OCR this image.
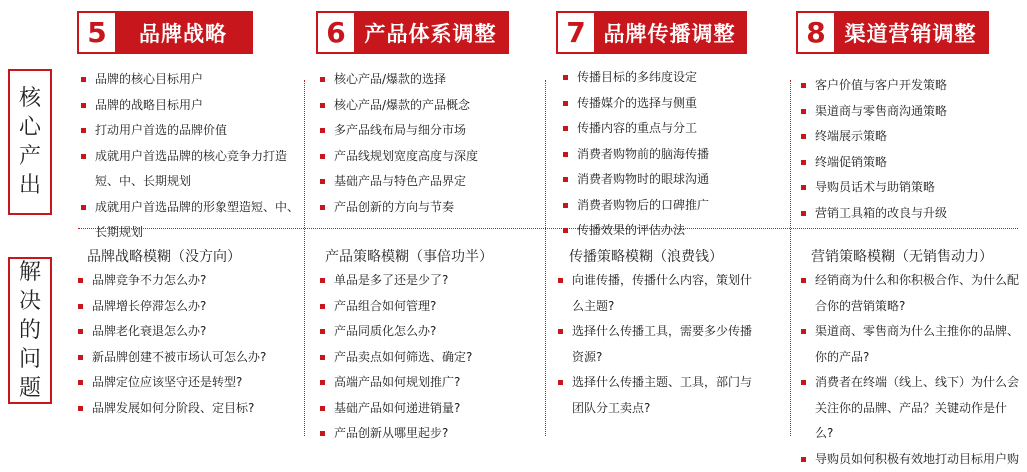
核
心
产
出
解
决
的
问
题
5	品牌战略
品牌的核心目标用户
品牌的战略目标用户
打动用户首选的品牌价值
成就用户首选品牌的核心竞争力打造短、中、长期规划
成就用户首选品牌的形象塑造短、中、长期规划
品牌战略模糊（没方向）
品牌竞争不力怎么办?
品牌增长停滞怎么办?
品牌老化衰退怎么办?
新品牌创建不被市场认可怎么办?
品牌定位应该坚守还是转型?
品牌发展如何分阶段、定目标?
6 产品体系调整
核心产品/爆款的选择
核心产品/爆款的产品概念
多产品线布局与细分市场
产品线规划宽度高度与深度
基础产品与特色产品界定
产品创新的方向与节奏
产品策略模糊（事倍功半）
单品是多了还是少了?
产品组合如何管理?
产品同质化怎么办?
产品卖点如何筛选、确定?
高端产品如何规划推广?
基础产品如何递进销量?
产品创新从哪里起步?
7 品牌传播调整
传播目标的多纬度设定
传播媒介的选择与侧重
传播内容的重点与分工
消费者购物前的脑海传播
消费者购物时的眼球沟通
消费者购物后的口碑推广
传播效果的评估办法
传播策略模糊（浪费钱）
向谁传播，传播什么内容，策划什么主题?
选择什么传播工具，需要多少传播资源?
选择什么传播主题、工具，部门与团队分工卖点?
8 渠道营销调整
客户价值与客户开发策略
渠道商与零售商沟通策略
终端展示策略
终端促销策略
导购员话术与助销策略
营销工具箱的改良与升级
营销策略模糊（无销售动力）
经销商为什么和你积极合作、为什么配合你的营销策略?
渠道商、零售商为什么主推你的品牌、你的产品?
消费者在终端（线上、线下）为什么会关注你的品牌、产品？关键动作是什么?
导购员如何积极有效地打动目标用户购
